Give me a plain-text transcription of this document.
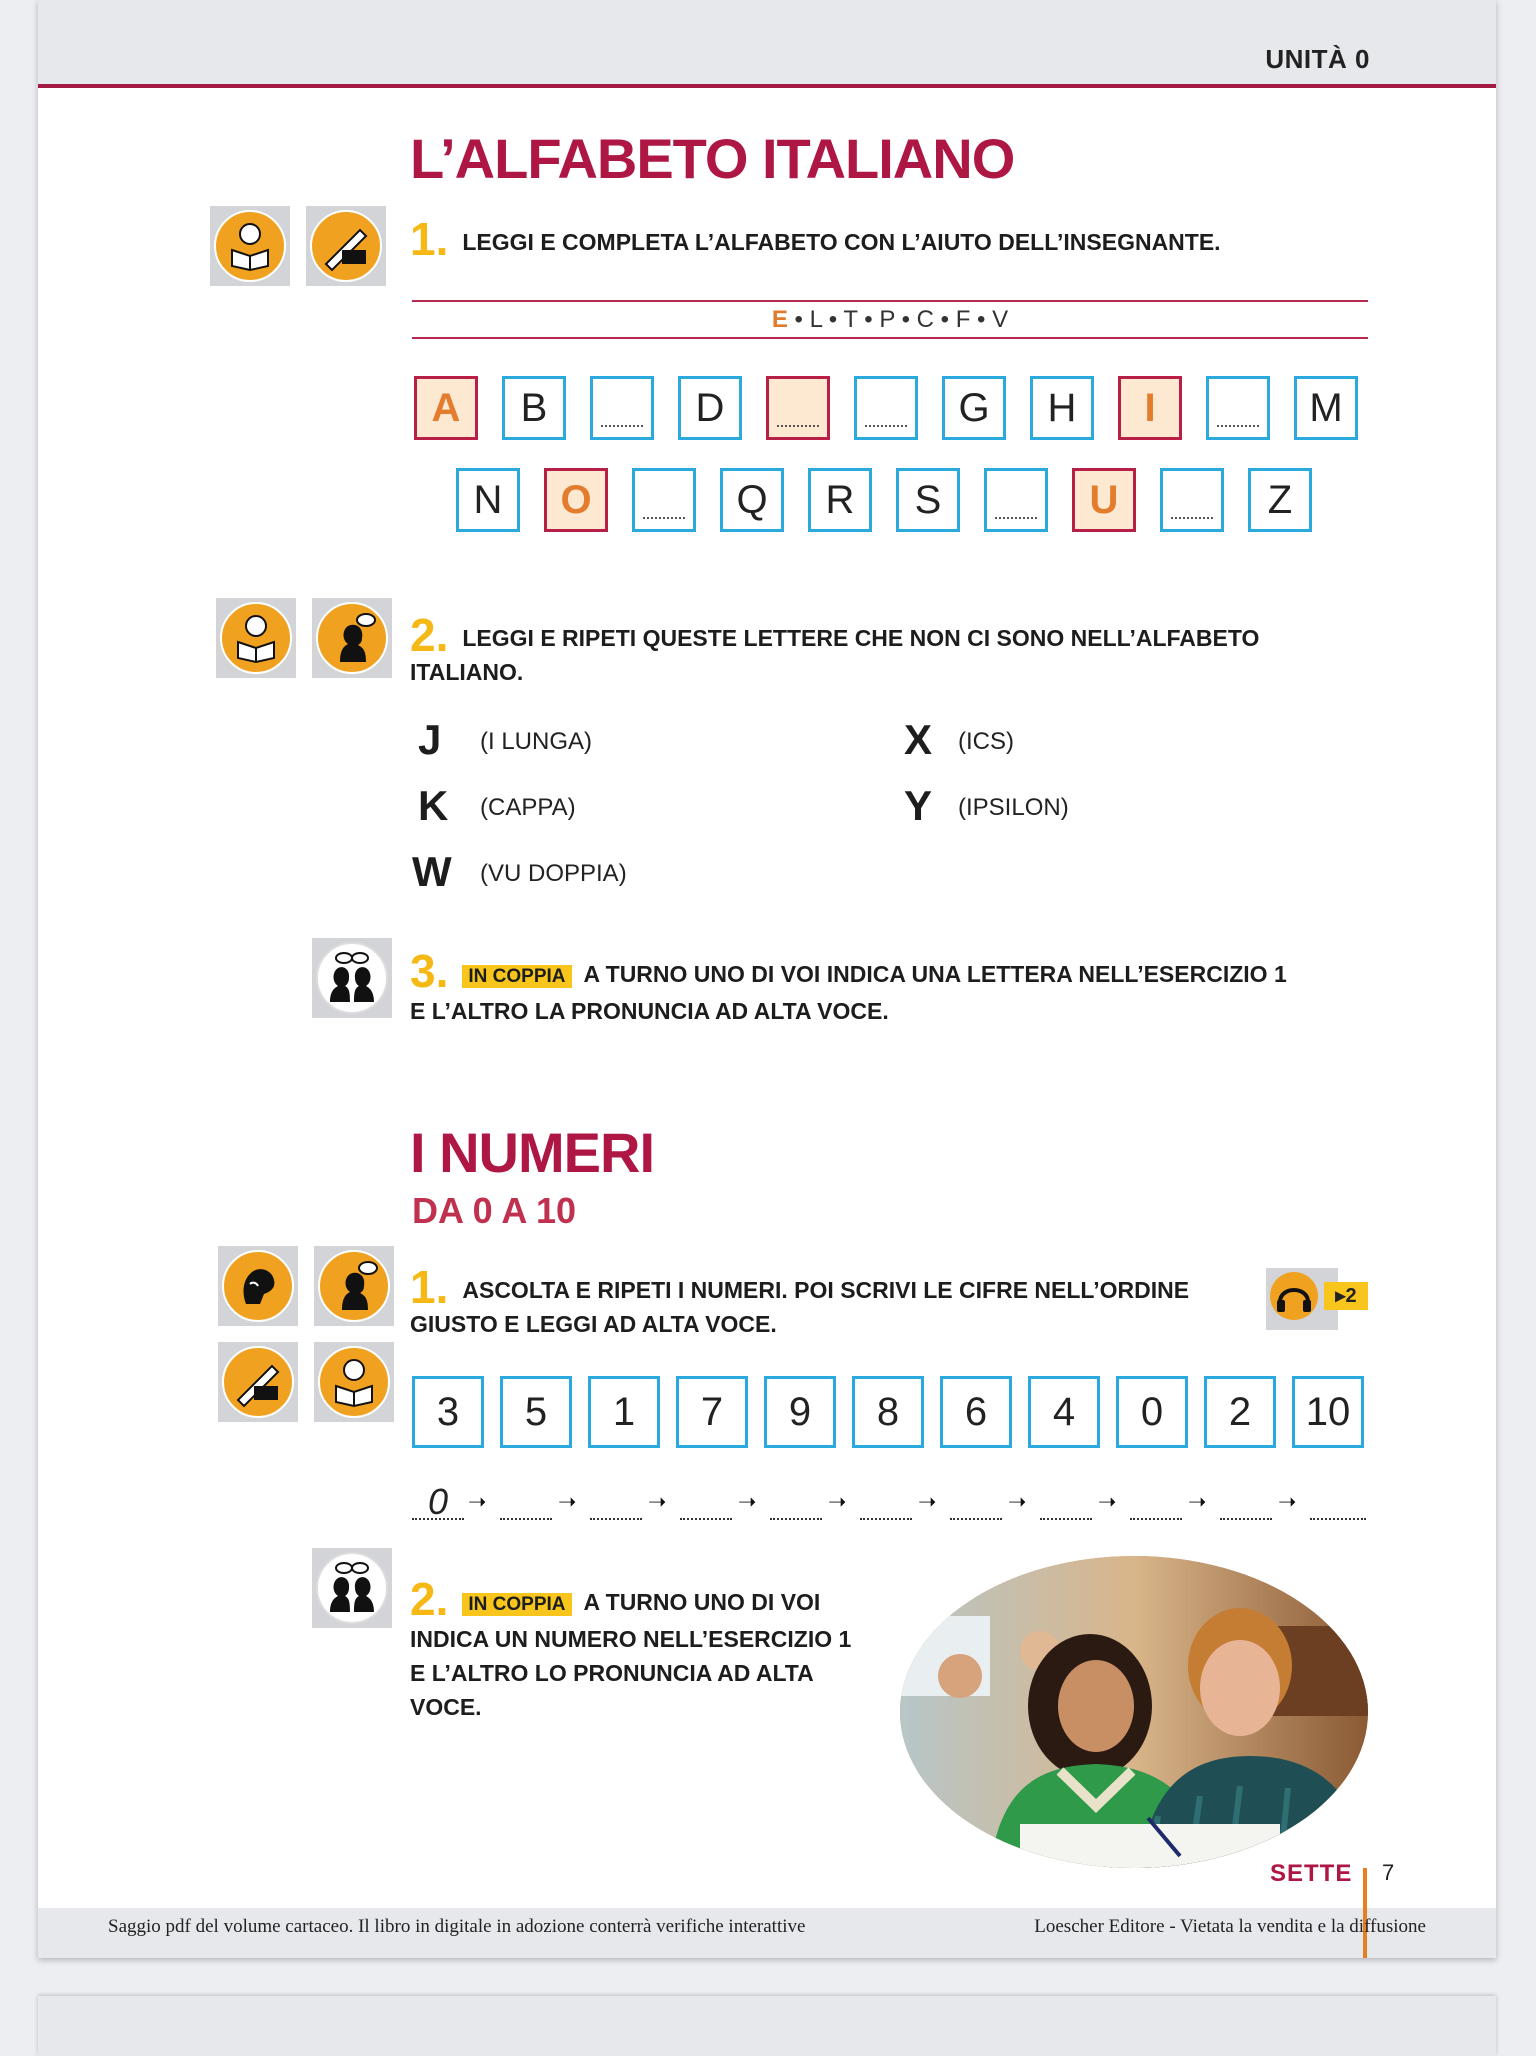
UNITÀ 0
L’ALFABETO ITALIANO
1. LEGGI E COMPLETA L’ALFABETO CON L’AIUTO DELL’INSEGNANTE.
E • L • T • P • C • F • V
A	B	D	G	H	I	M
N	O	Q	R	S	U	Z
2. LEGGI E RIPETI QUESTE LETTERE CHE NON CI SONO NELL’ALFABETO
ITALIANO.
J (I LUNGA)	X (ICS)
K (CAPPA)	Y (IPSILON)
W (VU DOPPIA)
3. IN COPPIA A TURNO UNO DI VOI INDICA UNA LETTERA NELL’ESERCIZIO 1
E L’ALTRO LA PRONUNCIA AD ALTA VOCE.
I NUMERI
DA 0 A 10
1. ASCOLTA E RIPETI I NUMERI. POI SCRIVI LE CIFRE NELL’ORDINE
GIUSTO E LEGGI AD ALTA VOCE.
▸2
3	5	1	7	9	8	6	4	0	2	10
0 ➝	➝	➝	➝	➝	➝	➝	➝	➝	➝
2. IN COPPIA A TURNO UNO DI VOI
INDICA UN NUMERO NELL’ESERCIZIO 1
E L’ALTRO LO PRONUNCIA AD ALTA
VOCE.
SETTE 7
Saggio pdf del volume cartaceo. Il libro in digitale in adozione conterrà verifiche interattive	Loescher Editore - Vietata la vendita e la diffusione
